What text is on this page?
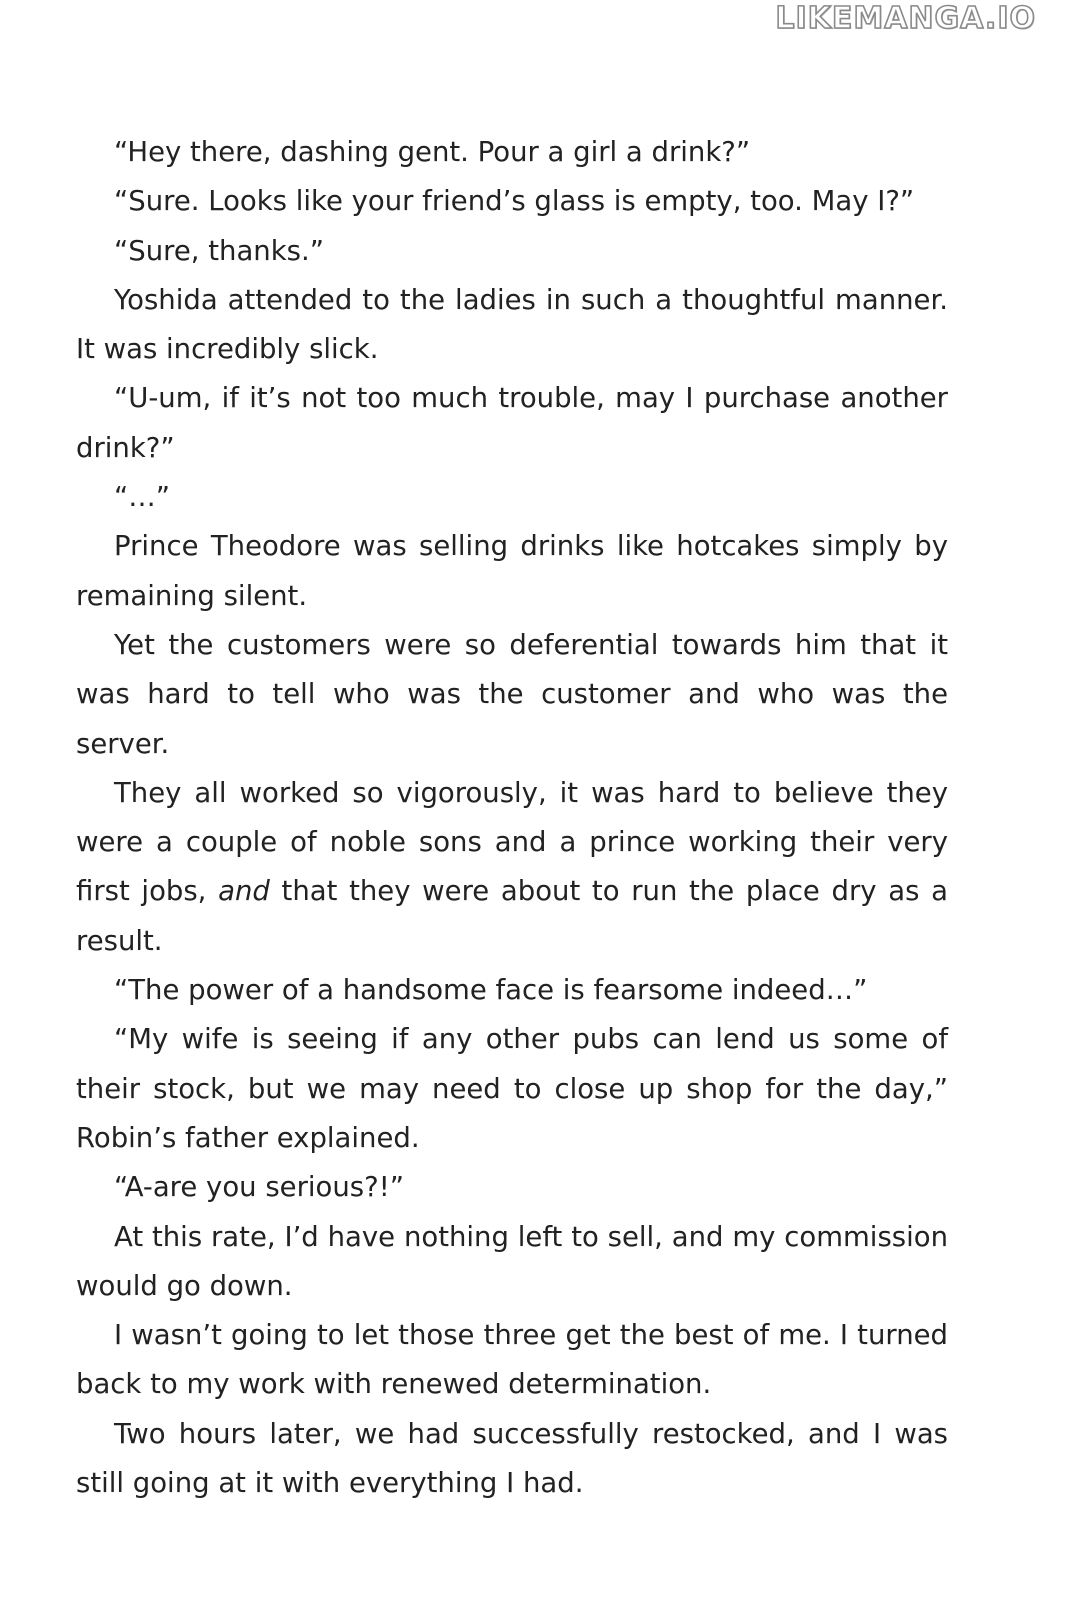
LIKEMANGA.IO

“Hey there, dashing gent. Pour a girl a drink?”

“Sure. Looks like your friend’s glass is empty, too. May I?”

“Sure, thanks.”

Yoshida attended to the ladies in such a thoughtful manner. It was incredibly slick.

“U-um, if it’s not too much trouble, may I purchase another drink?”

“…”

Prince Theodore was selling drinks like hotcakes simply by remaining silent.

Yet the customers were so deferential towards him that it was hard to tell who was the customer and who was the server.

They all worked so vigorously, it was hard to believe they were a couple of noble sons and a prince working their very first jobs, and that they were about to run the place dry as a result.

“The power of a handsome face is fearsome indeed…”

“My wife is seeing if any other pubs can lend us some of their stock, but we may need to close up shop for the day,” Robin’s father explained.

“A-are you serious?!”

At this rate, I’d have nothing left to sell, and my commission would go down.

I wasn’t going to let those three get the best of me. I turned back to my work with renewed determination.

Two hours later, we had successfully restocked, and I was still going at it with everything I had.
